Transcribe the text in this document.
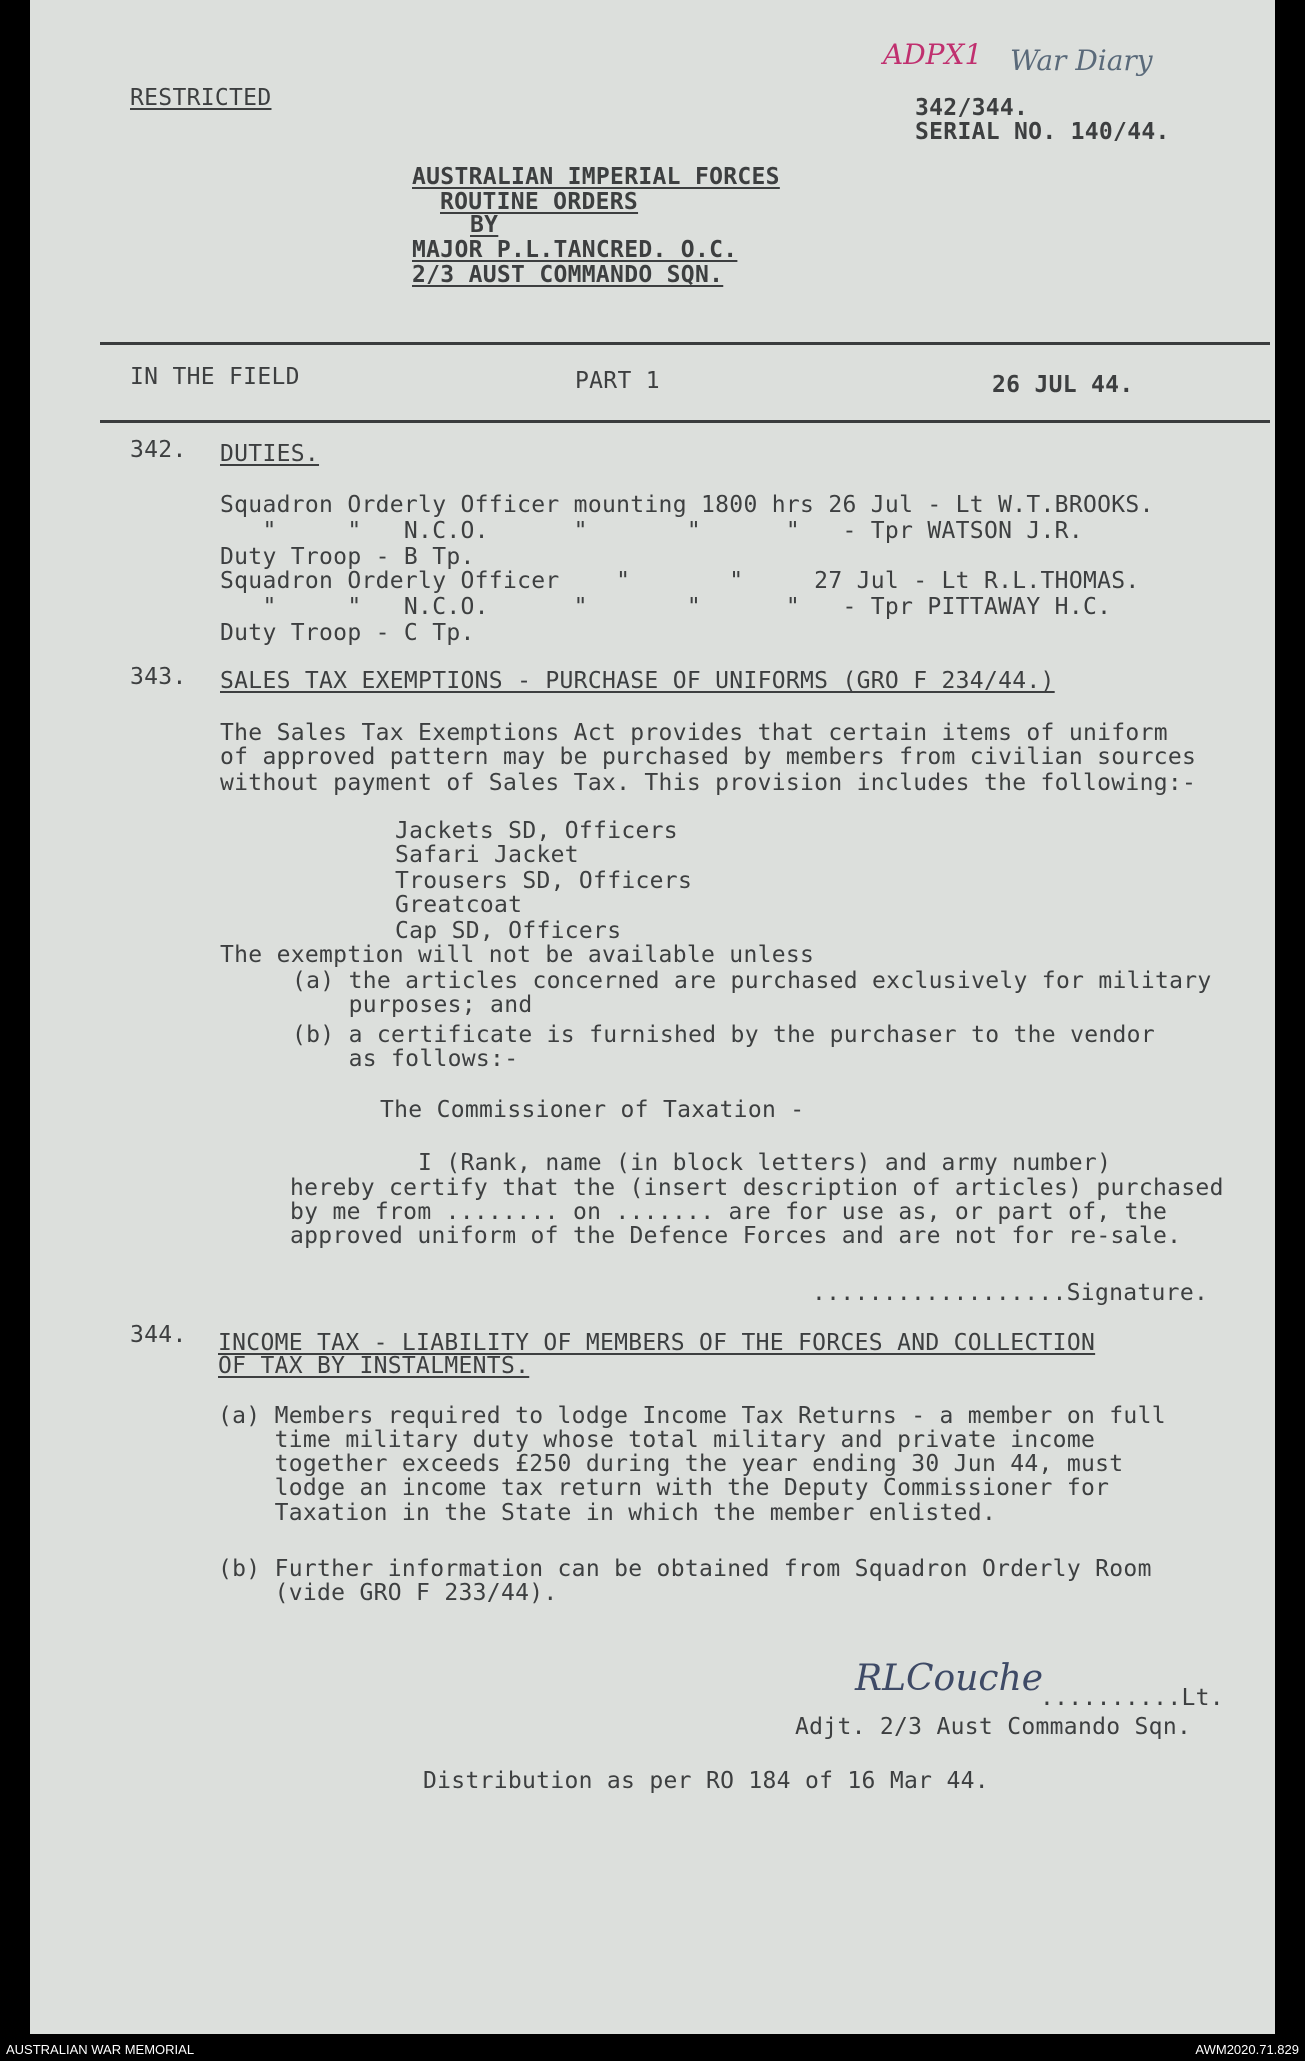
ADPX1 War Diary
RESTRICTED	342/344.
SERIAL NO. 140/44.
AUSTRALIAN IMPERIAL FORCES
ROUTINE ORDERS
BY
MAJOR P.L.TANCRED. O.C.
2/3 AUST COMMANDO SQN.
IN THE FIELD	PART 1	26 JUL 44.
342. DUTIES.
Squadron Orderly Officer mounting 1800 hrs 26 Jul - Lt W.T.BROOKS.
"     "   N.C.O.      "       "      "   - Tpr WATSON J.R.
Duty Troop - B Tp.
Squadron Orderly Officer    "       "     27 Jul - Lt R.L.THOMAS.
"     "   N.C.O.      "       "      "   - Tpr PITTAWAY H.C.
Duty Troop - C Tp.
343. SALES TAX EXEMPTIONS - PURCHASE OF UNIFORMS (GRO F 234/44.)
The Sales Tax Exemptions Act provides that certain items of uniform
of approved pattern may be purchased by members from civilian sources
without payment of Sales Tax. This provision includes the following:-
Jackets SD, Officers
Safari Jacket
Trousers SD, Officers
Greatcoat
Cap SD, Officers
The exemption will not be available unless
(a) the articles concerned are purchased exclusively for military
purposes; and
(b) a certificate is furnished by the purchaser to the vendor
as follows:-
The Commissioner of Taxation -
I (Rank, name (in block letters) and army number)
hereby certify that the (insert description of articles) purchased
by me from ........ on ....... are for use as, or part of, the
approved uniform of the Defence Forces and are not for re-sale.
..................Signature.
344. INCOME TAX - LIABILITY OF MEMBERS OF THE FORCES AND COLLECTION
OF TAX BY INSTALMENTS.
(a) Members required to lodge Income Tax Returns - a member on full
time military duty whose total military and private income
together exceeds £250 during the year ending 30 Jun 44, must
lodge an income tax return with the Deputy Commissioner for
Taxation in the State in which the member enlisted.
(b) Further information can be obtained from Squadron Orderly Room
(vide GRO F 233/44).
RLCouche
..........Lt.
Adjt. 2/3 Aust Commando Sqn.
Distribution as per RO 184 of 16 Mar 44.
AUSTRALIAN WAR MEMORIAL	AWM2020.71.829
